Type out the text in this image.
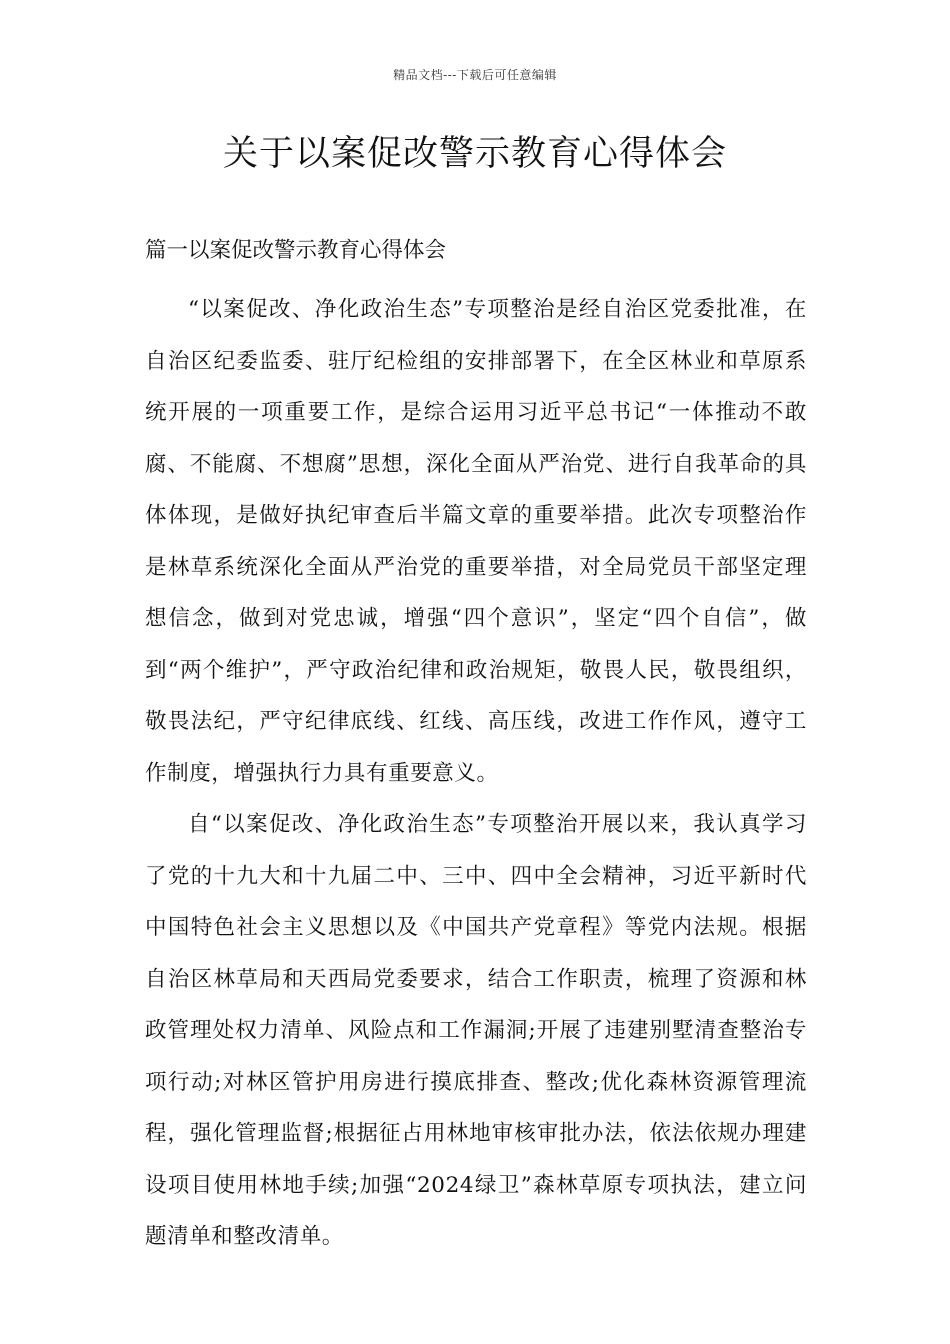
精品文档---下载后可任意编辑
关于以案促改警示教育心得体会

篇一以案促改警示教育心得体会

“以案促改、净化政治生态”专项整治是经自治区党委批准，在自治区纪委监委、驻厅纪检组的安排部署下，在全区林业和草原系统开展的一项重要工作，是综合运用习近平总书记“一体推动不敢腐、不能腐、不想腐”思想，深化全面从严治党、进行自我革命的具体体现，是做好执纪审查后半篇文章的重要举措。此次专项整治作是林草系统深化全面从严治党的重要举措，对全局党员干部坚定理想信念，做到对党忠诚，增强“四个意识”，坚定“四个自信”，做到“两个维护”，严守政治纪律和政治规矩，敬畏人民，敬畏组织，敬畏法纪，严守纪律底线、红线、高压线，改进工作作风，遵守工作制度，增强执行力具有重要意义。

自“以案促改、净化政治生态”专项整治开展以来，我认真学习了党的十九大和十九届二中、三中、四中全会精神，习近平新时代中国特色社会主义思想以及《中国共产党章程》等党内法规。根据自治区林草局和天西局党委要求，结合工作职责，梳理了资源和林政管理处权力清单、风险点和工作漏洞;开展了违建别墅清查整治专项行动;对林区管护用房进行摸底排查、整改;优化森林资源管理流程，强化管理监督;根据征占用林地审核审批办法，依法依规办理建设项目使用林地手续;加强“2024绿卫”森林草原专项执法，建立问题清单和整改清单。
